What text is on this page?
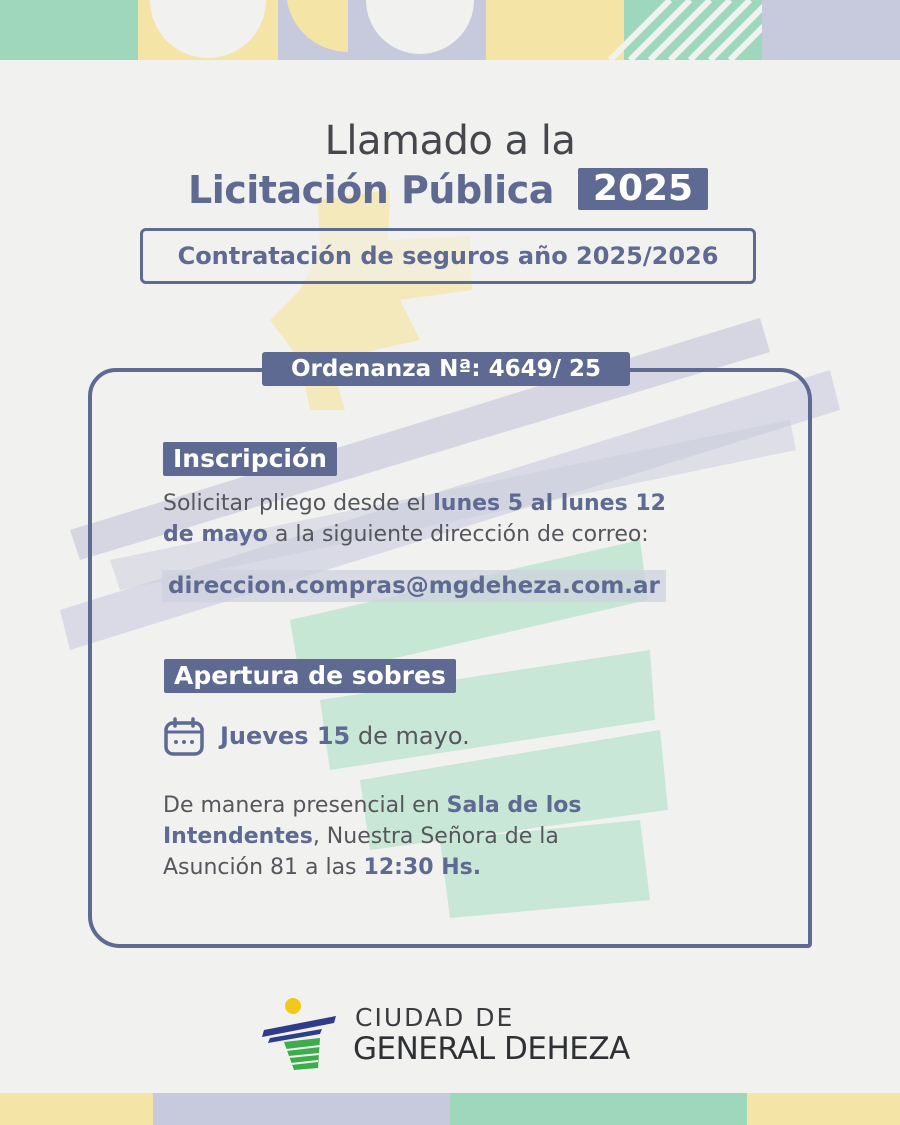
Llamado a la
Licitación Pública	2025
Contratación de seguros año 2025/2026
Ordenanza Nª: 4649/ 25
Inscripción
Solicitar pliego desde el lunes 5 al lunes 12
de mayo a la siguiente dirección de correo:
direccion.compras@mgdeheza.com.ar
Apertura de sobres
Jueves 15 de mayo.
De manera presencial en Sala de los
Intendentes, Nuestra Señora de la
Asunción 81 a las 12:30 Hs.
CIUDAD DE
GENERAL DEHEZA
